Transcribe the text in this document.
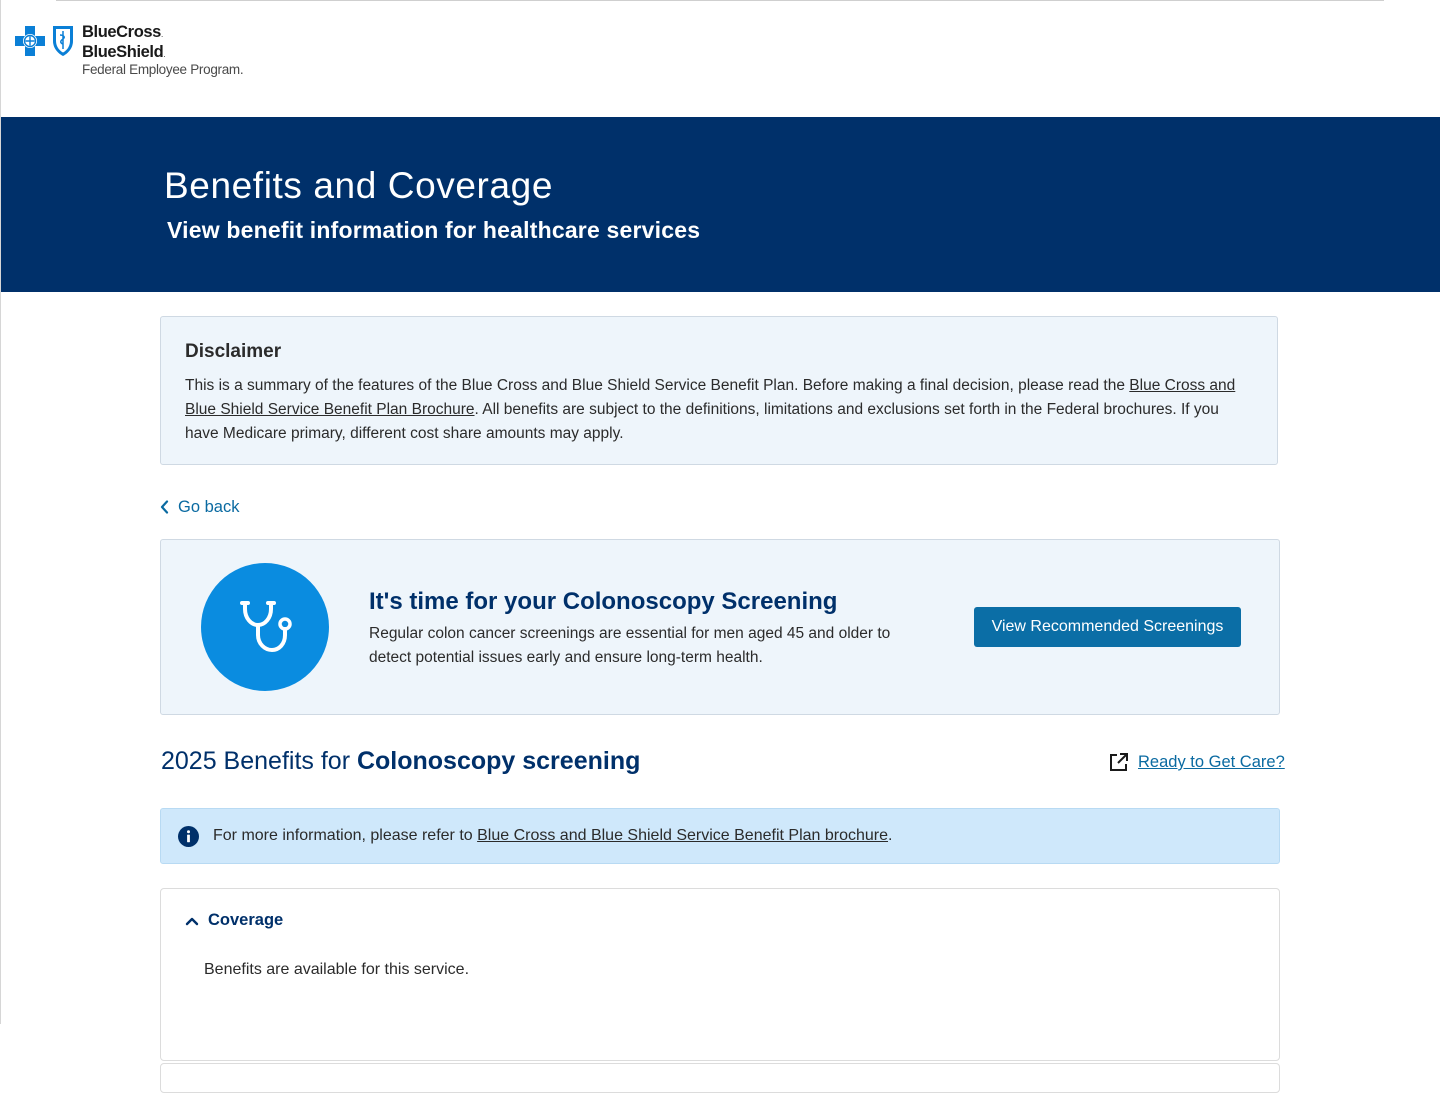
BlueCross.
BlueShield.
Federal Employee Program.
Benefits and Coverage
View benefit information for healthcare services
Disclaimer

This is a summary of the features of the Blue Cross and Blue Shield Service Benefit Plan. Before making a final decision, please read the Blue Cross and Blue Shield Service Benefit Plan Brochure. All benefits are subject to the definitions, limitations and exclusions set forth in the Federal brochures. If you have Medicare primary, different cost share amounts may apply.

Go back
It's time for your Colonoscopy Screening

Regular colon cancer screenings are essential for men aged 45 and older to detect potential issues early and ensure long-term health.

View Recommended Screenings
2025 Benefits for Colonoscopy screening	Ready to Get Care?
For more information, please refer to Blue Cross and Blue Shield Service Benefit Plan brochure.
Coverage
Benefits are available for this service.
